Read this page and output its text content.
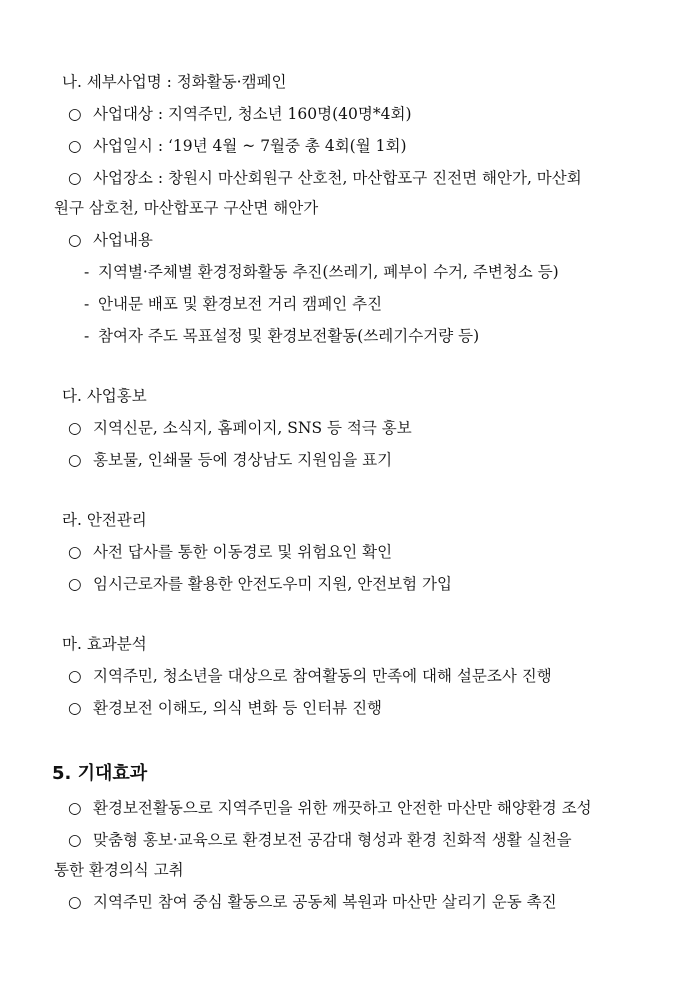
나. 세부사업명 : 정화활동·캠페인
○ 사업대상 : 지역주민, 청소년 160명(40명*4회)
○ 사업일시 : ‘19년 4월 ~ 7월중 총 4회(월 1회)
○ 사업장소 : 창원시 마산회원구 산호천, 마산합포구 진전면 해안가, 마산회
원구 삼호천, 마산합포구 구산면 해안가
○ 사업내용
- 지역별·주체별 환경정화활동 추진(쓰레기, 폐부이 수거, 주변청소 등)
- 안내문 배포 및 환경보전 거리 캠페인 추진
- 참여자 주도 목표설정 및 환경보전활동(쓰레기수거량 등)
다. 사업홍보
○ 지역신문, 소식지, 홈페이지, SNS 등 적극 홍보
○ 홍보물, 인쇄물 등에 경상남도 지원임을 표기
라. 안전관리
○ 사전 답사를 통한 이동경로 및 위험요인 확인
○ 임시근로자를 활용한 안전도우미 지원, 안전보험 가입
마. 효과분석
○ 지역주민, 청소년을 대상으로 참여활동의 만족에 대해 설문조사 진행
○ 환경보전 이해도, 의식 변화 등 인터뷰 진행
5. 기대효과
○ 환경보전활동으로 지역주민을 위한 깨끗하고 안전한 마산만 해양환경 조성
○ 맞춤형 홍보·교육으로 환경보전 공감대 형성과 환경 친화적 생활 실천을
통한 환경의식 고취
○ 지역주민 참여 중심 활동으로 공동체 복원과 마산만 살리기 운동 촉진
